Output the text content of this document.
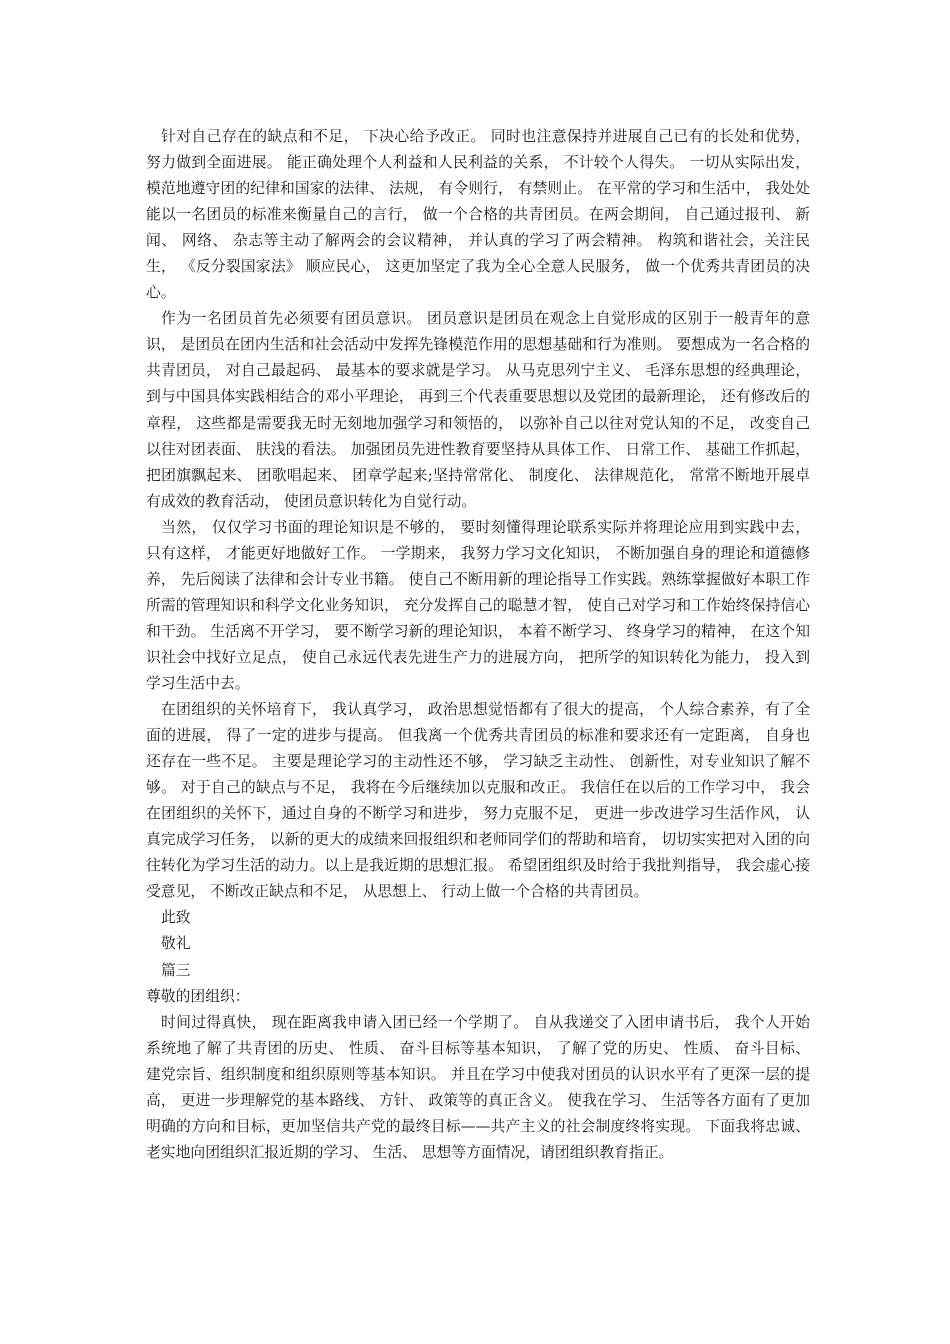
针对自己存在的缺点和不足， 下决心给予改正。 同时也注意保持并进展自己已有的长处和优势， 努力做到全面进展。 能正确处理个人利益和人民利益的关系， 不计较个人得失。 一切从实际出发， 模范地遵守团的纪律和国家的法律、 法规， 有令则行， 有禁则止。 在平常的学习和生活中， 我处处能以一名团员的标准来衡量自己的言行， 做一个合格的共青团员。在两会期间， 自己通过报刊、 新闻、 网络、 杂志等主动了解两会的会议精神， 并认真的学习了两会精神。 构筑和谐社会，关注民生， 《反分裂国家法》 顺应民心， 这更加坚定了我为全心全意人民服务， 做一个优秀共青团员的决心。

作为一名团员首先必须要有团员意识。 团员意识是团员在观念上自觉形成的区别于一般青年的意识， 是团员在团内生活和社会活动中发挥先锋模范作用的思想基础和行为准则。 要想成为一名合格的共青团员， 对自己最起码、 最基本的要求就是学习。 从马克思列宁主义、 毛泽东思想的经典理论， 到与中国具体实践相结合的邓小平理论， 再到三个代表重要思想以及党团的最新理论， 还有修改后的章程， 这些都是需要我无时无刻地加强学习和领悟的， 以弥补自己以往对党认知的不足， 改变自己以往对团表面、 肤浅的看法。 加强团员先进性教育要坚持从具体工作、 日常工作、 基础工作抓起， 把团旗飘起来、 团歌唱起来、 团章学起来;坚持常常化、 制度化、 法律规范化， 常常不断地开展卓有成效的教育活动， 使团员意识转化为自觉行动。

当然， 仅仅学习书面的理论知识是不够的， 要时刻懂得理论联系实际并将理论应用到实践中去， 只有这样， 才能更好地做好工作。 一学期来， 我努力学习文化知识， 不断加强自身的理论和道德修养， 先后阅读了法律和会计专业书籍。 使自己不断用新的理论指导工作实践。熟练掌握做好本职工作所需的管理知识和科学文化业务知识， 充分发挥自己的聪慧才智， 使自己对学习和工作始终保持信心和干劲。 生活离不开学习， 要不断学习新的理论知识， 本着不断学习、 终身学习的精神， 在这个知识社会中找好立足点， 使自己永远代表先进生产力的进展方向， 把所学的知识转化为能力， 投入到学习生活中去。

在团组织的关怀培育下， 我认真学习， 政治思想觉悟都有了很大的提高， 个人综合素养，有了全面的进展， 得了一定的进步与提高。 但我离一个优秀共青团员的标准和要求还有一定距离， 自身也还存在一些不足。 主要是理论学习的主动性还不够， 学习缺乏主动性、 创新性，对专业知识了解不够。 对于自己的缺点与不足， 我将在今后继续加以克服和改正。 我信任在以后的工作学习中， 我会在团组织的关怀下，通过自身的不断学习和进步， 努力克服不足， 更进一步改进学习生活作风， 认真完成学习任务， 以新的更大的成绩来回报组织和老师同学们的帮助和培育， 切切实实把对入团的向往转化为学习生活的动力。以上是我近期的思想汇报。 希望团组织及时给于我批判指导， 我会虚心接受意见， 不断改正缺点和不足， 从思想上、 行动上做一个合格的共青团员。

此致

敬礼

篇三

尊敬的团组织：

时间过得真快， 现在距离我申请入团已经一个学期了。 自从我递交了入团申请书后， 我个人开始系统地了解了共青团的历史、 性质、 奋斗目标等基本知识， 了解了党的历史、 性质、 奋斗目标、 建党宗旨、组织制度和组织原则等基本知识。 并且在学习中使我对团员的认识水平有了更深一层的提高， 更进一步理解党的基本路线、 方针、 政策等的真正含义。 使我在学习、 生活等各方面有了更加明确的方向和目标，更加坚信共产党的最终目标——共产主义的社会制度终将实现。 下面我将忠诚、 老实地向团组织汇报近期的学习、 生活、 思想等方面情况，请团组织教育指正。
